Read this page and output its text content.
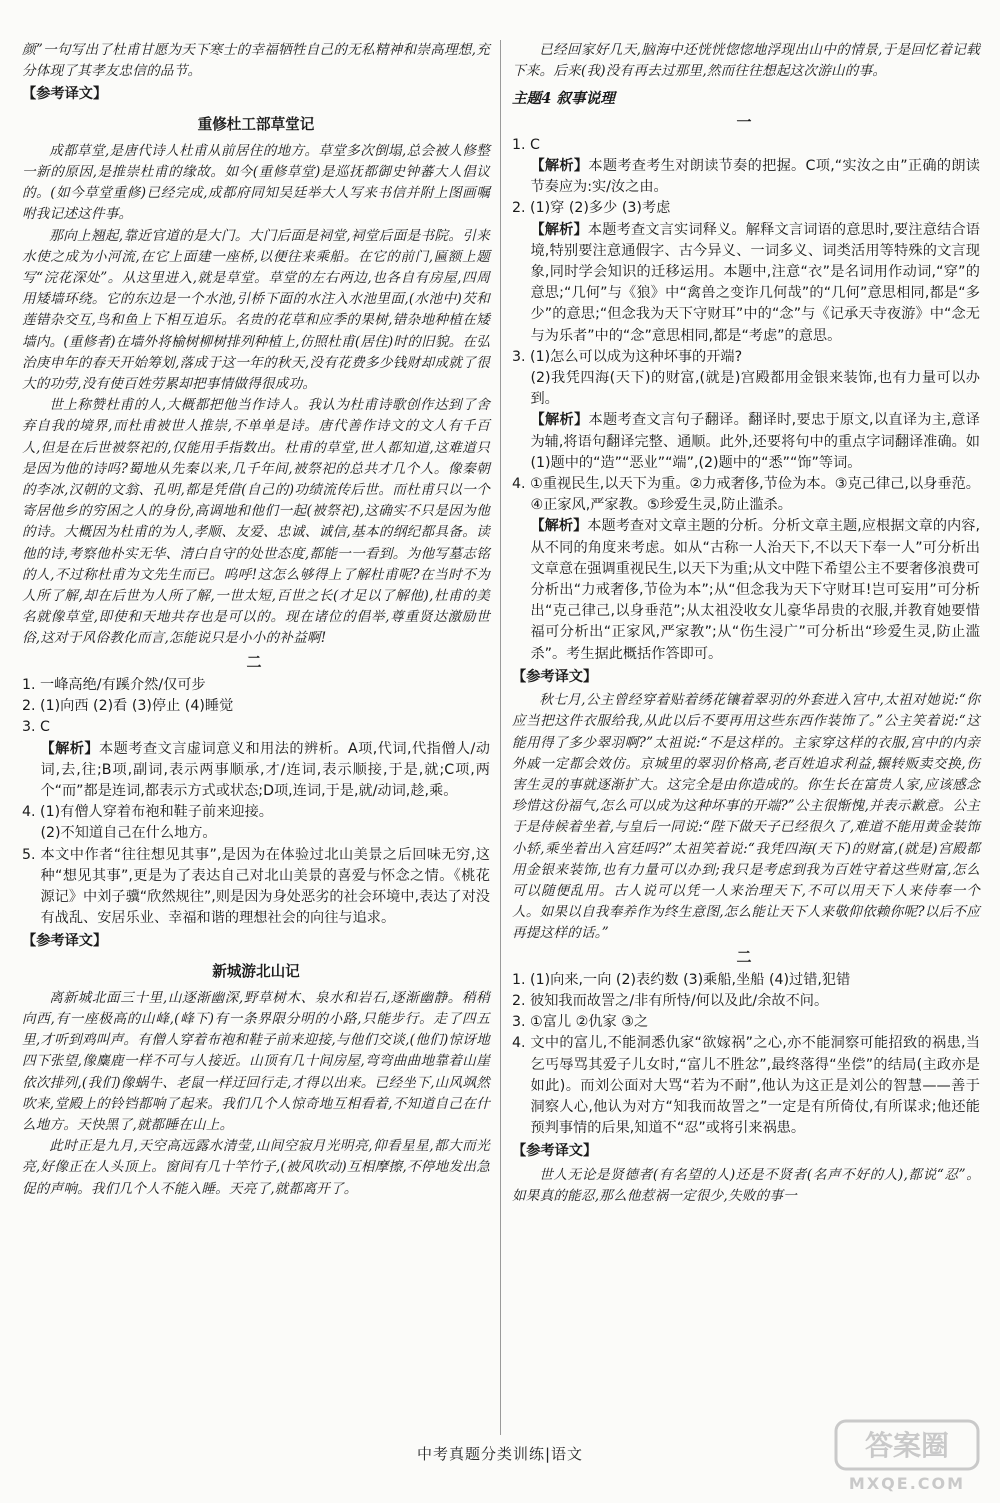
颜”一句写出了杜甫甘愿为天下寒士的幸福牺牲自己的无私精神和崇高理想,充分体现了其孝友忠信的品节。

【参考译文】
重修杜工部草堂记

成都草堂,是唐代诗人杜甫从前居住的地方。草堂多次倒塌,总会被人修整一新的原因,是推崇杜甫的缘故。如今(重修草堂)是巡抚都御史钟蕃大人倡议的。(如今草堂重修)已经完成,成都府同知吴廷举大人写来书信并附上图画嘱咐我记述这件事。

那向上翘起,靠近官道的是大门。大门后面是祠堂,祠堂后面是书院。引来水使之成为小河流,在它上面建一座桥,以便往来乘船。在它的前门,匾额上题写“浣花深处”。从这里进入,就是草堂。草堂的左右两边,也各自有房屋,四周用矮墙环绕。它的东边是一个水池,引桥下面的水注入水池里面,(水池中)芡和莲错杂交互,鸟和鱼上下相互追乐。名贵的花草和应季的果树,错杂地种植在矮墙内。(重修者)在墙外将榆树柳树排列种植上,仿照杜甫(居住)时的旧貌。在弘治庚申年的春天开始筹划,落成于这一年的秋天,没有花费多少钱财却成就了很大的功劳,没有使百姓劳累却把事情做得很成功。

世上称赞杜甫的人,大概都把他当作诗人。我认为杜甫诗歌创作达到了舍弃自我的境界,而杜甫被世人推崇,不单单是诗。唐代善作诗文的文人有千百人,但是在后世被祭祀的,仅能用手指数出。杜甫的草堂,世人都知道,这难道只是因为他的诗吗?蜀地从先秦以来,几千年间,被祭祀的总共才几个人。像秦朝的李冰,汉朝的文翁、孔明,都是凭借(自己的)功绩流传后世。而杜甫只以一个寄居他乡的穷困之人的身份,高调地和他们一起(被祭祀),这确实不只是因为他的诗。大概因为杜甫的为人,孝顺、友爱、忠诚、诚信,基本的纲纪都具备。读他的诗,考察他朴实无华、清白自守的处世态度,都能一一看到。为他写墓志铭的人,不过称杜甫为文先生而已。呜呼!这怎么够得上了解杜甫呢?在当时不为人所了解,却在后世为人所了解,一世太短,百世之长(才足以了解他),杜甫的美名就像草堂,即使和天地共存也是可以的。现在诸位的倡举,尊重贤达激励世俗,这对于风俗教化而言,怎能说只是小小的补益啊!

二

1. 一峰高绝/有蹊介然/仅可步

2. (1)向西 (2)看 (3)停止 (4)睡觉

3. C

【解析】本题考查文言虚词意义和用法的辨析。A项,代词,代指僧人/动词,去,往;B项,副词,表示两事顺承,才/连词,表示顺接,于是,就;C项,两个“而”都是连词,都表示方式或状态;D项,连词,于是,就/动词,趁,乘。

4. (1)有僧人穿着布袍和鞋子前来迎接。

(2)不知道自己在什么地方。

5. 本文中作者“往往想见其事”,是因为在体验过北山美景之后回味无穷,这种“想见其事”,更是为了表达自己对北山美景的喜爱与怀念之情。《桃花源记》中刘子骥“欣然规往”,则是因为身处恶劣的社会环境中,表达了对没有战乱、安居乐业、幸福和谐的理想社会的向往与追求。

【参考译文】
新城游北山记

离新城北面三十里,山逐渐幽深,野草树木、泉水和岩石,逐渐幽静。稍稍向西,有一座极高的山峰,(峰下)有一条界限分明的小路,只能步行。走了四五里,才听到鸡叫声。有僧人穿着布袍和鞋子前来迎接,与他们交谈,(他们)惊讶地四下张望,像麋鹿一样不可与人接近。山顶有几十间房屋,弯弯曲曲地靠着山崖依次排列,(我们)像蜗牛、老鼠一样迂回行走,才得以出来。已经坐下,山风飒然吹来,堂殿上的铃铛都响了起来。我们几个人惊奇地互相看着,不知道自己在什么地方。天快黑了,就都睡在山上。

此时正是九月,天空高远露水清莹,山间空寂月光明亮,仰看星星,都大而光亮,好像正在人头顶上。窗间有几十竿竹子,(被风吹动)互相摩擦,不停地发出急促的声响。我们几个人不能入睡。天亮了,就都离开了。

已经回家好几天,脑海中还恍恍惚惚地浮现出山中的情景,于是回忆着记载下来。后来(我)没有再去过那里,然而往往想起这次游山的事。

主题4 叙事说理
一

1. C

【解析】本题考查考生对朗读节奏的把握。C项,“实汝之由”正确的朗读节奏应为:实/汝之由。

2. (1)穿 (2)多少 (3)考虑

【解析】本题考查文言实词释义。解释文言词语的意思时,要注意结合语境,特别要注意通假字、古今异义、一词多义、词类活用等特殊的文言现象,同时学会知识的迁移运用。本题中,注意“衣”是名词用作动词,“穿”的意思;“几何”与《狼》中“禽兽之变诈几何哉”的“几何”意思相同,都是“多少”的意思;“但念我为天下守财耳”中的“念”与《记承天寺夜游》中“念无与为乐者”中的“念”意思相同,都是“考虑”的意思。

3. (1)怎么可以成为这种坏事的开端?

(2)我凭四海(天下)的财富,(就是)宫殿都用金银来装饰,也有力量可以办到。

【解析】本题考查文言句子翻译。翻译时,要忠于原文,以直译为主,意译为辅,将语句翻译完整、通顺。此外,还要将句中的重点字词翻译准确。如(1)题中的“造”“恶业”“端”,(2)题中的“悉”“饰”等词。

4. ①重视民生,以天下为重。②力戒奢侈,节俭为本。③克己律己,以身垂范。④正家风,严家教。⑤珍爱生灵,防止滥杀。

【解析】本题考查对文章主题的分析。分析文章主题,应根据文章的内容,从不同的角度来考虑。如从“古称一人治天下,不以天下奉一人”可分析出文章意在强调重视民生,以天下为重;从文中陛下希望公主不要奢侈浪费可分析出“力戒奢侈,节俭为本”;从“但念我为天下守财耳!岂可妄用”可分析出“克己律己,以身垂范”;从太祖没收女儿豪华昂贵的衣服,并教育她要惜福可分析出“正家风,严家教”;从“伤生浸广”可分析出“珍爱生灵,防止滥杀”。考生据此概括作答即可。

【参考译文】

秋七月,公主曾经穿着贴着绣花镶着翠羽的外套进入宫中,太祖对她说:“你应当把这件衣服给我,从此以后不要再用这些东西作装饰了。”公主笑着说:“这能用得了多少翠羽啊?”太祖说:“不是这样的。主家穿这样的衣服,宫中的内亲外戚一定都会效仿。京城里的翠羽价格高,老百姓追求利益,辗转贩卖交换,伤害生灵的事就逐渐扩大。这完全是由你造成的。你生长在富贵人家,应该感念珍惜这份福气,怎么可以成为这种坏事的开端?”公主很惭愧,并表示歉意。公主于是侍候着坐着,与皇后一同说:“陛下做天子已经很久了,难道不能用黄金装饰小轿,乘坐着出入宫廷吗?”太祖笑着说:“我凭四海(天下)的财富,(就是)宫殿都用金银来装饰,也有力量可以办到;我只是考虑到我为百姓守着这些财富,怎么可以随便乱用。古人说可以凭一人来治理天下,不可以用天下人来侍奉一个人。如果以自我奉养作为终生意图,怎么能让天下人来敬仰依赖你呢?以后不应再提这样的话。”

二

1. (1)向来,一向 (2)表约数 (3)乘船,坐船 (4)过错,犯错

2. 彼知我而故詈之/非有所恃/何以及此/余故不问。

3. ①富儿 ②仇家 ③之

4. 文中的富儿,不能洞悉仇家“欲嫁祸”之心,亦不能洞察可能招致的祸患,当乞丐辱骂其爱子儿女时,“富儿不胜忿”,最终落得“坐偿”的结局(主政亦是如此)。而刘公面对大骂“若为不耐”,他认为这正是刘公的智慧——善于洞察人心,他认为对方“知我而故詈之”一定是有所倚仗,有所谋求;他还能预判事情的后果,知道不“忍”或将引来祸患。

【参考译文】

世人无论是贤德者(有名望的人)还是不贤者(名声不好的人),都说“忍”。如果真的能忍,那么他惹祸一定很少,失败的事一

中考真题分类训练|语文	答案圈
MXQE.COM
